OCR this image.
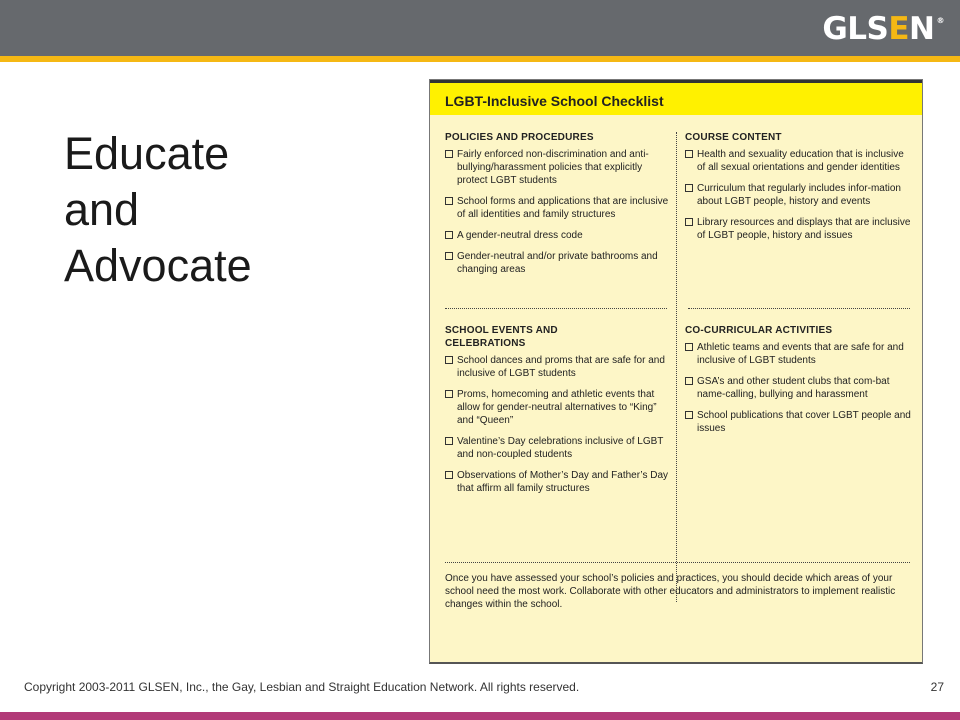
GLS E N ®
Educate
and
Advocate
LGBT-Inclusive School Checklist
POLICIES AND PROCEDURES
Fairly enforced non-discrimination and anti-bullying/harassment policies that explicitly protect LGBT students
School forms and applications that are inclusive of all identities and family structures
A gender-neutral dress code
Gender-neutral and/or private bathrooms and changing areas
COURSE CONTENT
Health and sexuality education that is inclusive of all sexual orientations and gender identities
Curriculum that regularly includes infor-mation about LGBT people, history and events
Library resources and displays that are inclusive of LGBT people, history and issues
SCHOOL EVENTS AND
CELEBRATIONS
School dances and proms that are safe for and inclusive of LGBT students
Proms, homecoming and athletic events that allow for gender-neutral alternatives to “King” and “Queen”
Valentine’s Day celebrations inclusive of LGBT and non-coupled students
Observations of Mother’s Day and Father’s Day that affirm all family structures
CO-CURRICULAR ACTIVITIES
Athletic teams and events that are safe for and inclusive of LGBT students
GSA’s and other student clubs that com-bat name-calling, bullying and harassment
School publications that cover LGBT people and issues
Once you have assessed your school’s policies and practices, you should decide which areas of your school need the most work. Collaborate with other educators and administrators to implement realistic changes within the school.
Copyright 2003-2011 GLSEN, Inc., the Gay, Lesbian and Straight Education Network. All rights reserved.	27
